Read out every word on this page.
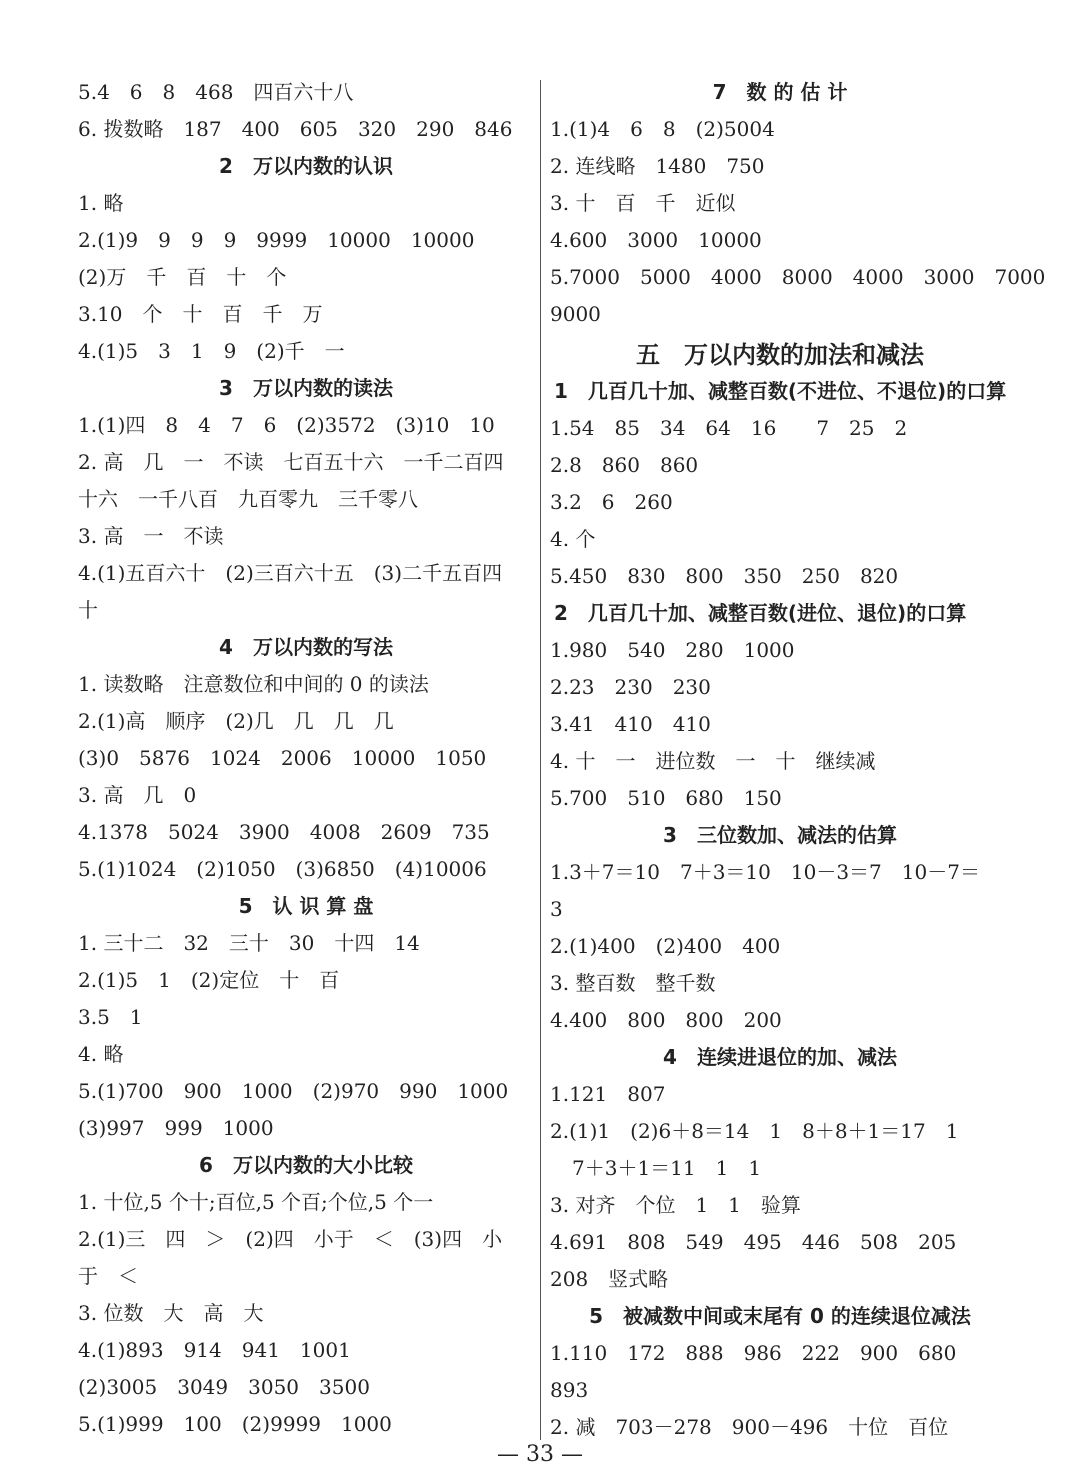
5.4　6　8　468　四百六十八
6. 拨数略　187　400　605　320　290　846
2　万以内数的认识
1. 略
2.(1)9　9　9　9　9999　10000　10000
(2)万　千　百　十　个
3.10　个　十　百　千　万
4.(1)5　3　1　9　(2)千　一
3　万以内数的读法
1.(1)四　8　4　7　6　(2)3572　(3)10　10
2. 高　几　一　不读　七百五十六　一千二百四
十六　一千八百　九百零九　三千零八
3. 高　一　不读
4.(1)五百六十　(2)三百六十五　(3)二千五百四
十
4　万以内数的写法
1. 读数略　注意数位和中间的 0 的读法
2.(1)高　顺序　(2)几　几　几　几
(3)0　5876　1024　2006　10000　1050
3. 高　几　0
4.1378　5024　3900　4008　2609　735
5.(1)1024　(2)1050　(3)6850　(4)10006
5　认 识 算 盘
1. 三十二　32　三十　30　十四　14
2.(1)5　1　(2)定位　十　百
3.5　1
4. 略
5.(1)700　900　1000　(2)970　990　1000
(3)997　999　1000
6　万以内数的大小比较
1. 十位,5 个十;百位,5 个百;个位,5 个一
2.(1)三　四　＞　(2)四　小于　＜　(3)四　小
于　＜
3. 位数　大　高　大
4.(1)893　914　941　1001
(2)3005　3049　3050　3500
5.(1)999　100　(2)9999　1000
7　数 的 估 计
1.(1)4　6　8　(2)5004
2. 连线略　1480　750
3. 十　百　千　近似
4.600　3000　10000
5.7000　5000　4000　8000　4000　3000　7000
9000
五　万以内数的加法和减法
1　几百几十加、减整百数(不进位、不退位)的口算
1.54　85　34　64　16　　7　25　2
2.8　860　860
3.2　6　260
4. 个
5.450　830　800　350　250　820
2　几百几十加、减整百数(进位、退位)的口算
1.980　540　280　1000
2.23　230　230
3.41　410　410
4. 十　一　进位数　一　十　继续减
5.700　510　680　150
3　三位数加、减法的估算
1.3＋7＝10　7＋3＝10　10－3＝7　10－7＝
3
2.(1)400　(2)400　400
3. 整百数　整千数
4.400　800　800　200
4　连续进退位的加、减法
1.121　807
2.(1)1　(2)6＋8＝14　1　8＋8＋1＝17　1
7＋3＋1＝11　1　1
3. 对齐　个位　1　1　验算
4.691　808　549　495　446　508　205
208　竖式略
5　被减数中间或末尾有 0 的连续退位减法
1.110　172　888　986　222　900　680
893
2. 减　703－278　900－496　十位　百位
— 33 —
